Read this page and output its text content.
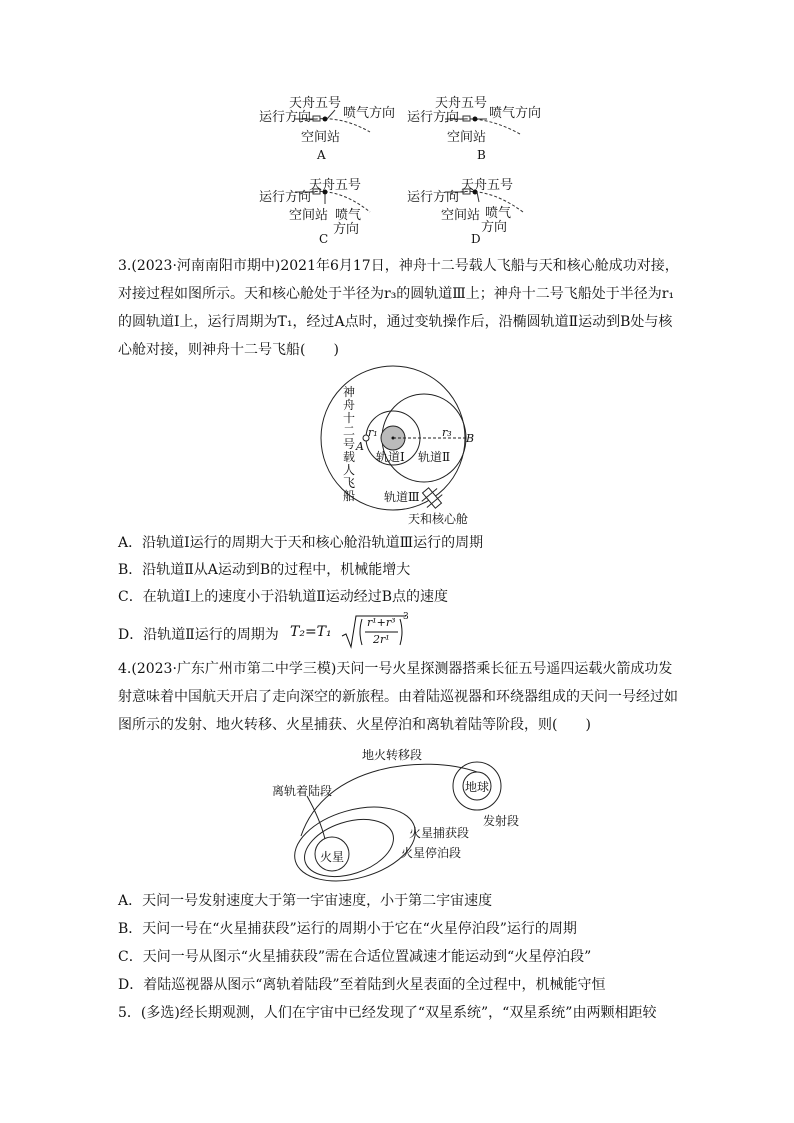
天舟五号
运行方向 喷气方向
空间站
A
天舟五号
运行方向 喷气方向
空间站
B
天舟五号
运行方向
空间站 喷气
方向
C
天舟五号
运行方向
空间站 喷气
方向
D
3.(2023·河南南阳市期中)2021年6月17日，神舟十二号载人飞船与天和核心舱成功对接，对接过程如图所示。天和核心舱处于半径为r₃的圆轨道Ⅲ上；神舟十二号飞船处于半径为r₁的圆轨道Ⅰ上，运行周期为T₁，经过A点时，通过变轨操作后，沿椭圆轨道Ⅱ运动到B处与核心舱对接，则神舟十二号飞船(　　)
神
舟
十
二
号
载
人
飞
船
r₁	r₃
A
B
轨道Ⅰ 轨道Ⅱ
轨道Ⅲ
天和核心舱
A．沿轨道Ⅰ运行的周期大于天和核心舱沿轨道Ⅲ运行的周期
B．沿轨道Ⅱ从A运动到B的过程中，机械能增大
C．在轨道Ⅰ上的速度小于沿轨道Ⅱ运动经过B点的速度
D．沿轨道Ⅱ运行的周期为 T₂=T₁
r¹+r³
2r¹
3
4.(2023·广东广州市第二中学三模)天问一号火星探测器搭乘长征五号遥四运载火箭成功发射意味着中国航天开启了走向深空的新旅程。由着陆巡视器和环绕器组成的天问一号经过如图所示的发射、地火转移、火星捕获、火星停泊和离轨着陆等阶段，则(　　)
地火转移段
离轨着陆段	地球
发射段
火星捕获段
火星停泊段
火星
A．天问一号发射速度大于第一宇宙速度，小于第二宇宙速度
B．天问一号在“火星捕获段”运行的周期小于它在“火星停泊段”运行的周期
C．天问一号从图示“火星捕获段”需在合适位置减速才能运动到“火星停泊段”
D．着陆巡视器从图示“离轨着陆段”至着陆到火星表面的全过程中，机械能守恒
5．(多选)经长期观测，人们在宇宙中已经发现了“双星系统”，“双星系统”由两颗相距较
